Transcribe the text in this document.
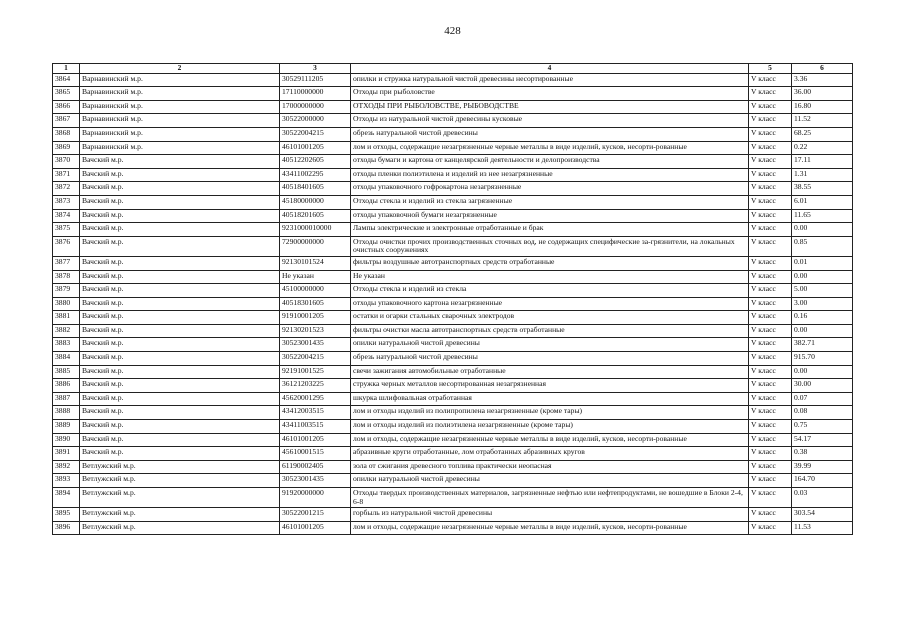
428
1	2	3	4	5	6
3864	Варнавинский м.р.	30529111205	опилки и стружка натуральной чистой древесины несортированные	V класс	3.36
3865	Варнавинский м.р.	17110000000	Отходы при рыболовстве	V класс	36.00
3866	Варнавинский м.р.	17000000000	ОТХОДЫ ПРИ РЫБОЛОВСТВЕ, РЫБОВОДСТВЕ	V класс	16.80
3867	Варнавинский м.р.	30522000000	Отходы из натуральной чистой древесины кусковые	V класс	11.52
3868	Варнавинский м.р.	30522004215	обрезь натуральной чистой древесины	V класс	68.25
3869	Варнавинский м.р.	46101001205	лом и отходы, содержащие незагрязненные черные металлы в виде изделий, кусков, несорти-рованные	V класс	0.22
3870	Вачский м.р.	40512202605	отходы бумаги и картона от канцелярской деятельности и делопроизводства	V класс	17.11
3871	Вачский м.р.	43411002295	отходы пленки полиэтилена и изделий из нее незагрязненные	V класс	1.31
3872	Вачский м.р.	40518401605	отходы упаковочного гофрокартона незагрязненные	V класс	38.55
3873	Вачский м.р.	45180000000	Отходы стекла и изделий из стекла загрязненные	V класс	6.01
3874	Вачский м.р.	40518201605	отходы упаковочной бумаги незагрязненные	V класс	11.65
3875	Вачский м.р.	9231000010000	Лампы электрические и электронные отработанные и брак	V класс	0.00
3876	Вачский м.р.	72900000000	Отходы очистки прочих производственных сточных вод, не содержащих специфические за-грязнители, на локальных очистных сооружениях	V класс	0.85
3877	Вачский м.р.	92130101524	фильтры воздушные автотранспортных средств отработанные	V класс	0.01
3878	Вачский м.р.	Не указан	Не указан	V класс	0.00
3879	Вачский м.р.	45100000000	Отходы стекла и изделий из стекла	V класс	5.00
3880	Вачский м.р.	40518301605	отходы упаковочного картона незагрязненные	V класс	3.00
3881	Вачский м.р.	91910001205	остатки и огарки стальных сварочных электродов	V класс	0.16
3882	Вачский м.р.	92130201523	фильтры очистки масла автотранспортных средств отработанные	V класс	0.00
3883	Вачский м.р.	30523001435	опилки натуральной чистой древесины	V класс	382.71
3884	Вачский м.р.	30522004215	обрезь натуральной чистой древесины	V класс	915.70
3885	Вачский м.р.	92191001525	свечи зажигания автомобильные отработанные	V класс	0.00
3886	Вачский м.р.	36121203225	стружка черных металлов несортированная незагрязненная	V класс	30.00
3887	Вачский м.р.	45620001295	шкурка шлифовальная отработанная	V класс	0.07
3888	Вачский м.р.	43412003515	лом и отходы изделий из полипропилена незагрязненные (кроме тары)	V класс	0.08
3889	Вачский м.р.	43411003515	лом и отходы изделий из полиэтилена незагрязненные (кроме тары)	V класс	0.75
3890	Вачский м.р.	46101001205	лом и отходы, содержащие незагрязненные черные металлы в виде изделий, кусков, несорти-рованные	V класс	54.17
3891	Вачский м.р.	45610001515	абразивные круги отработанные, лом отработанных абразивных кругов	V класс	0.38
3892	Ветлужский м.р.	61190002405	зола от сжигания древесного топлива практически неопасная	V класс	39.99
3893	Ветлужский м.р.	30523001435	опилки натуральной чистой древесины	V класс	164.70
3894	Ветлужский м.р.	91920000000	Отходы твердых производственных материалов, загрязненные нефтью или нефтепродуктами, не вошедшие в Блоки 2-4, 6-8	V класс	0.03
3895	Ветлужский м.р.	30522001215	горбыль из натуральной чистой древесины	V класс	303.54
3896	Ветлужский м.р.	46101001205	лом и отходы, содержащие незагрязненные черные металлы в виде изделий, кусков, несорти-рованные	V класс	11.53
